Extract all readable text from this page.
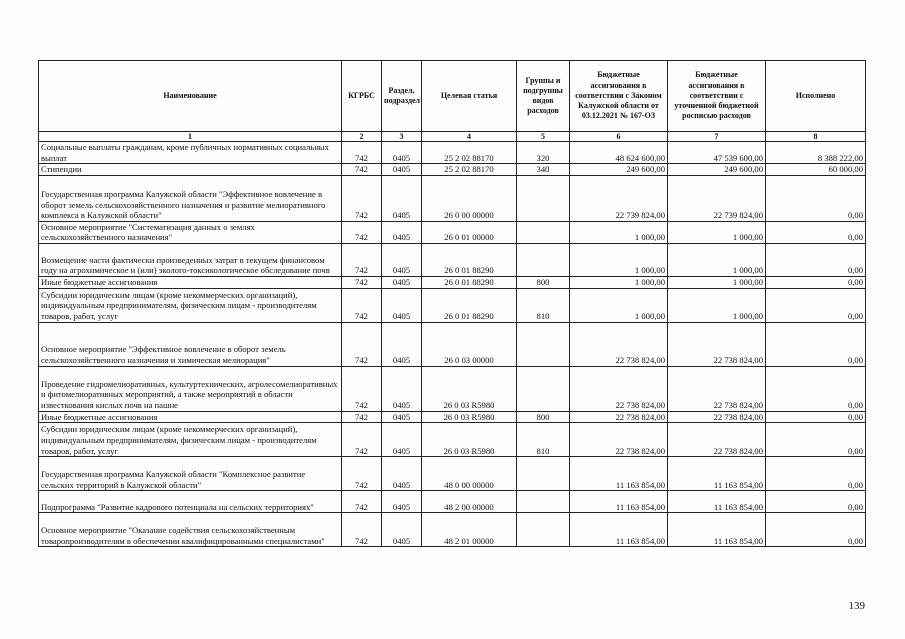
Наименование	КГРБС	Раздел, подраздел	Целевая статья	Группы и подгруппы видов расходов	Бюджетные ассигнования в соответствии с Законом Калужской области от 03.12.2021 № 167-ОЗ	Бюджетные ассигнования в соответствии с уточненной бюджетной росписью расходов	Исполнено
1	2	3	4	5	6	7	8
Социальные выплаты гражданам, кроме публичных нормативных социальных выплат	742	0405	25 2 02 88170	320	48 624 600,00	47 539 600,00	8 388 222,00
Стипендии	742	0405	25 2 02 88170	340	249 600,00	249 600,00	60 000,00
Государственная программа Калужской области "Эффективное вовлечение в оборот земель сельскохозяйственного назначения и развитие мелиоративного комплекса в Калужской области"	742	0405	26 0 00 00000		22 739 824,00	22 739 824,00	0,00
Основное мероприятие "Систематизация данных о землях сельскохозяйственного назначения"	742	0405	26 0 01 00000		1 000,00	1 000,00	0,00
Возмещение части фактически произведенных затрат в текущем финансовом году на агрохимическое и (или) эколого-токсикологическое обследование почв	742	0405	26 0 01 88290		1 000,00	1 000,00	0,00
Иные бюджетные ассигнования	742	0405	26 0 01 88290	800	1 000,00	1 000,00	0,00
Субсидии юридическим лицам (кроме некоммерческих организаций), индивидуальным предпринимателям, физическим лицам - производителям товаров, работ, услуг	742	0405	26 0 01 88290	810	1 000,00	1 000,00	0,00
Основное мероприятие "Эффективное вовлечение в оборот земель сельскохозяйственного назначения и химическая мелиорация"	742	0405	26 0 03 00000		22 738 824,00	22 738 824,00	0,00
Проведение гидромелиоративных, культуртехнических, агролесомелиоративных и фитомелиоративных мероприятий, а также мероприятий в области известкования кислых почв на пашне	742	0405	26 0 03 R5980		22 738 824,00	22 738 824,00	0,00
Иные бюджетные ассигнования	742	0405	26 0 03 R5980	800	22 738 824,00	22 738 824,00	0,00
Субсидии юридическим лицам (кроме некоммерческих организаций), индивидуальным предпринимателям, физическим лицам - производителям товаров, работ, услуг	742	0405	26 0 03 R5980	810	22 738 824,00	22 738 824,00	0,00
Государственная программа Калужской области "Комплексное развитие сельских территорий в Калужской области"	742	0405	48 0 00 00000		11 163 854,00	11 163 854,00	0,00
Подпрограмма "Развитие кадрового потенциала на сельских территориях"	742	0405	48 2 00 00000		11 163 854,00	11 163 854,00	0,00
Основное мероприятие "Оказание содействия сельскохозяйственным товаропроизводителям в обеспечении квалифицированными специалистами"	742	0405	48 2 01 00000		11 163 854,00	11 163 854,00	0,00
139
